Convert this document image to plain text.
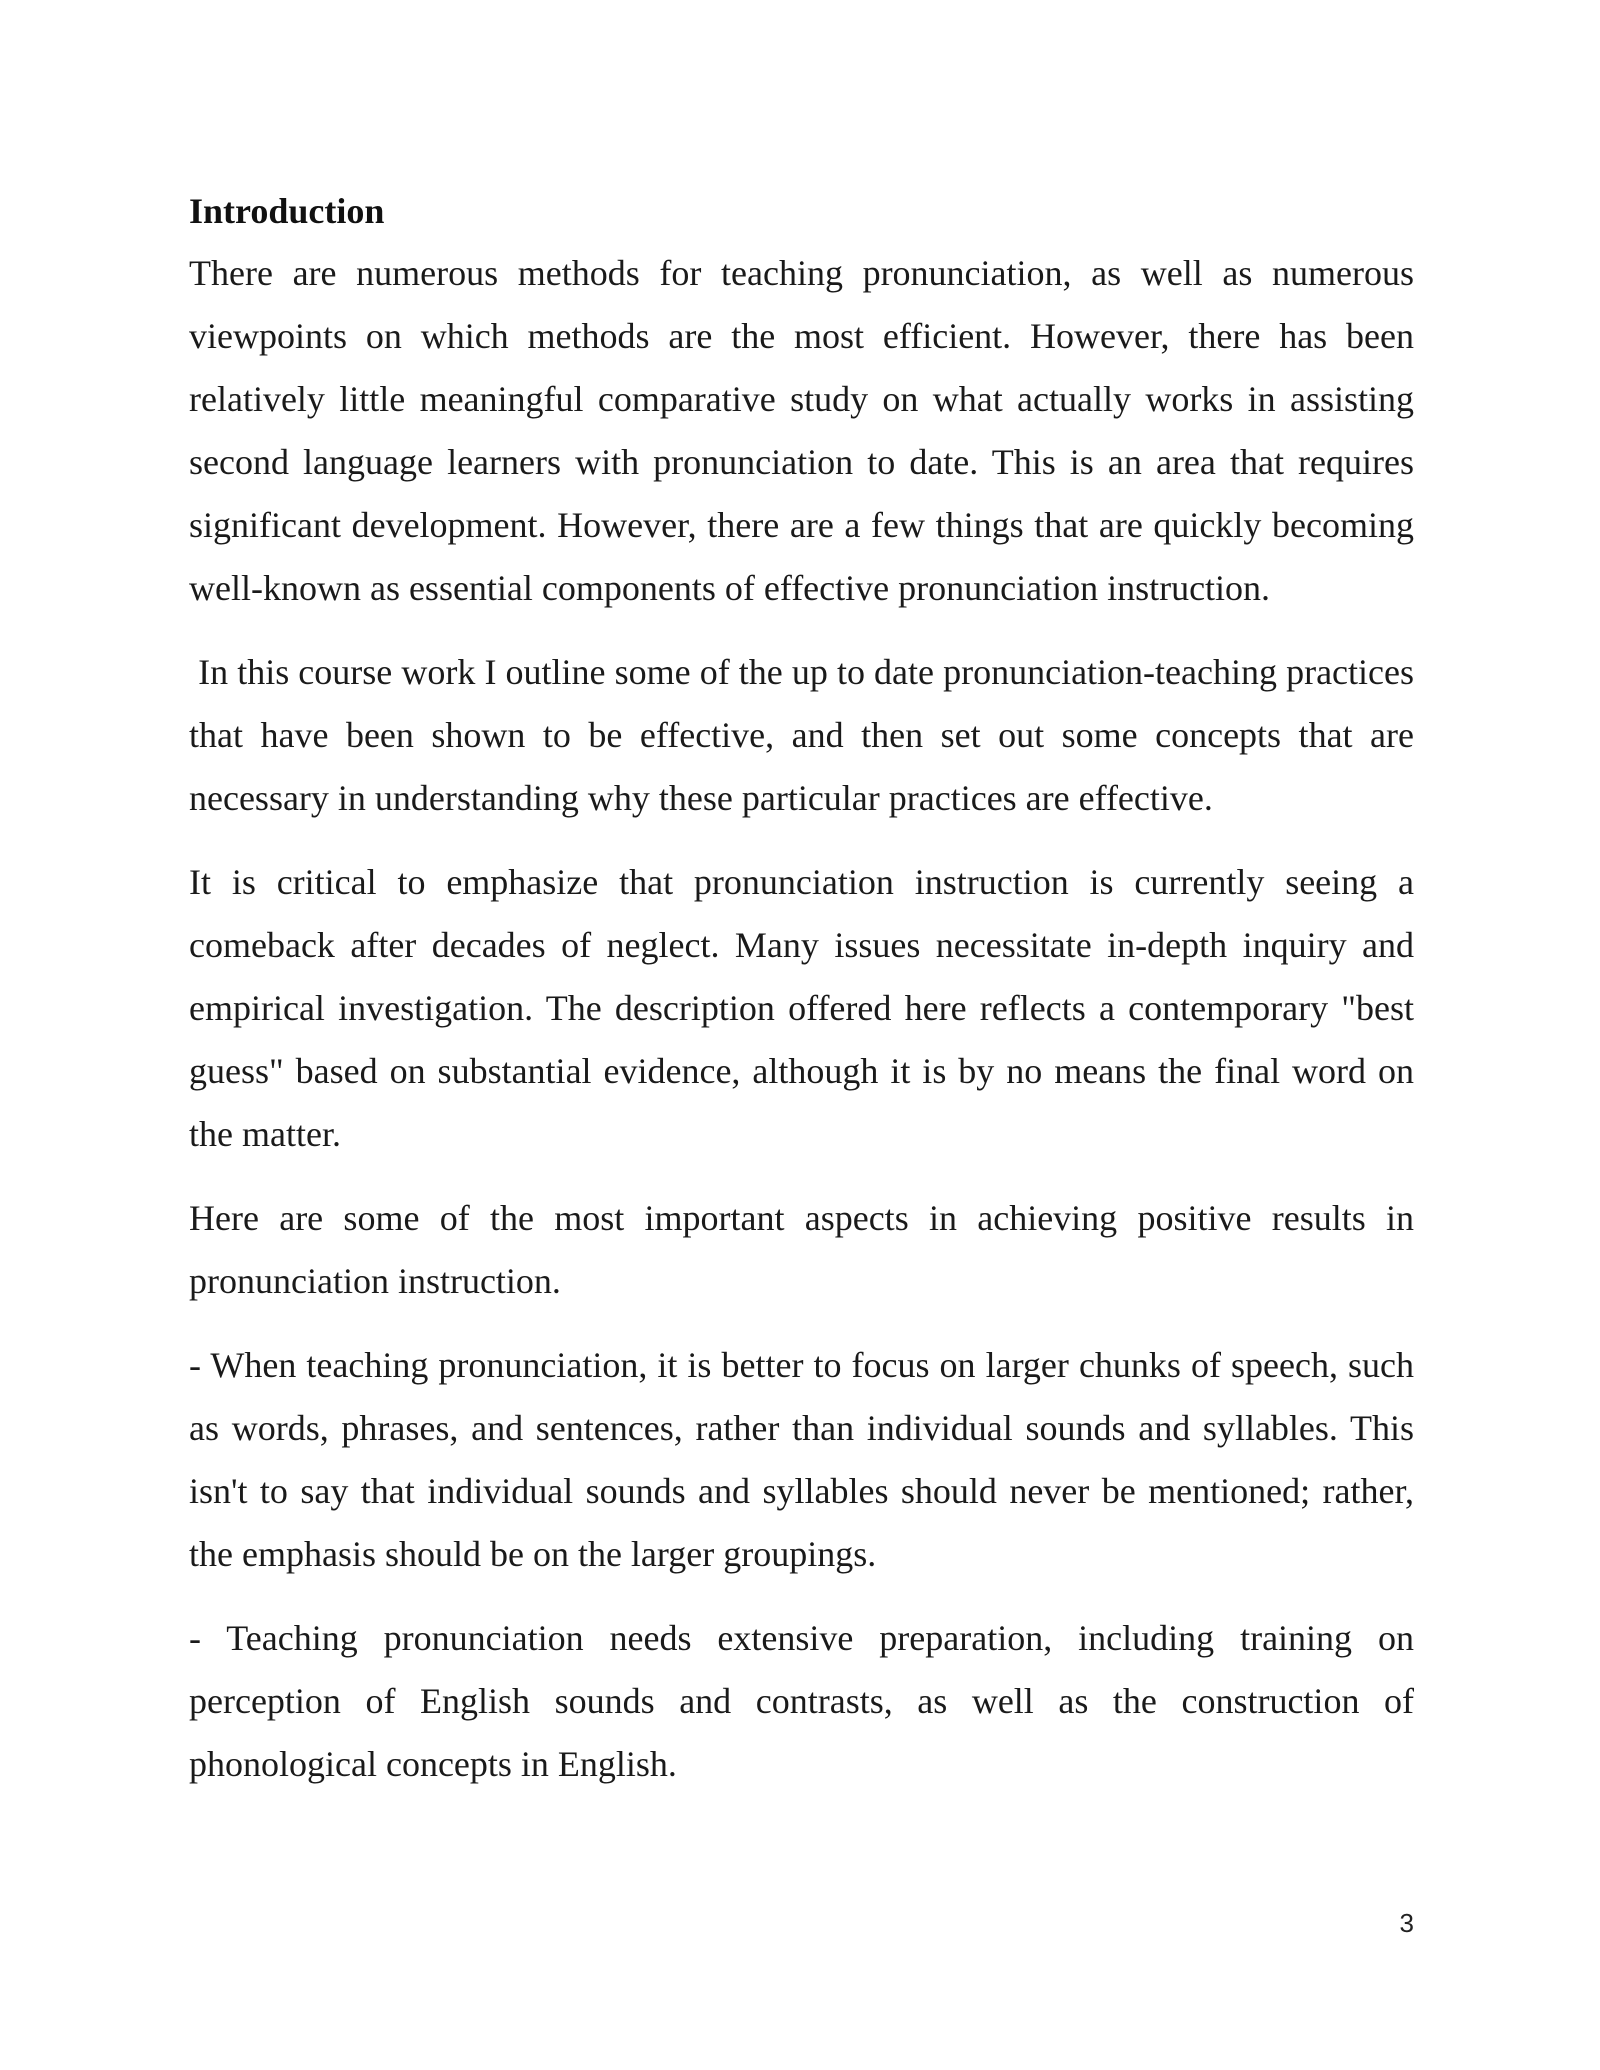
Introduction

There are numerous methods for teaching pronunciation, as well as numerous viewpoints on which methods are the most efficient. However, there has been relatively little meaningful comparative study on what actually works in assisting second language learners with pronunciation to date. This is an area that requires significant development. However, there are a few things that are quickly becoming well-known as essential components of effective pronunciation instruction.

In this course work I outline some of the up to date pronunciation-teaching practices that have been shown to be effective, and then set out some concepts that are necessary in understanding why these particular practices are effective.

It is critical to emphasize that pronunciation instruction is currently seeing a comeback after decades of neglect. Many issues necessitate in-depth inquiry and empirical investigation. The description offered here reflects a contemporary "best guess" based on substantial evidence, although it is by no means the final word on the matter.

Here are some of the most important aspects in achieving positive results in pronunciation instruction.

- When teaching pronunciation, it is better to focus on larger chunks of speech, such as words, phrases, and sentences, rather than individual sounds and syllables. This isn't to say that individual sounds and syllables should never be mentioned; rather, the emphasis should be on the larger groupings.

- Teaching pronunciation needs extensive preparation, including training on perception of English sounds and contrasts, as well as the construction of phonological concepts in English.

3
